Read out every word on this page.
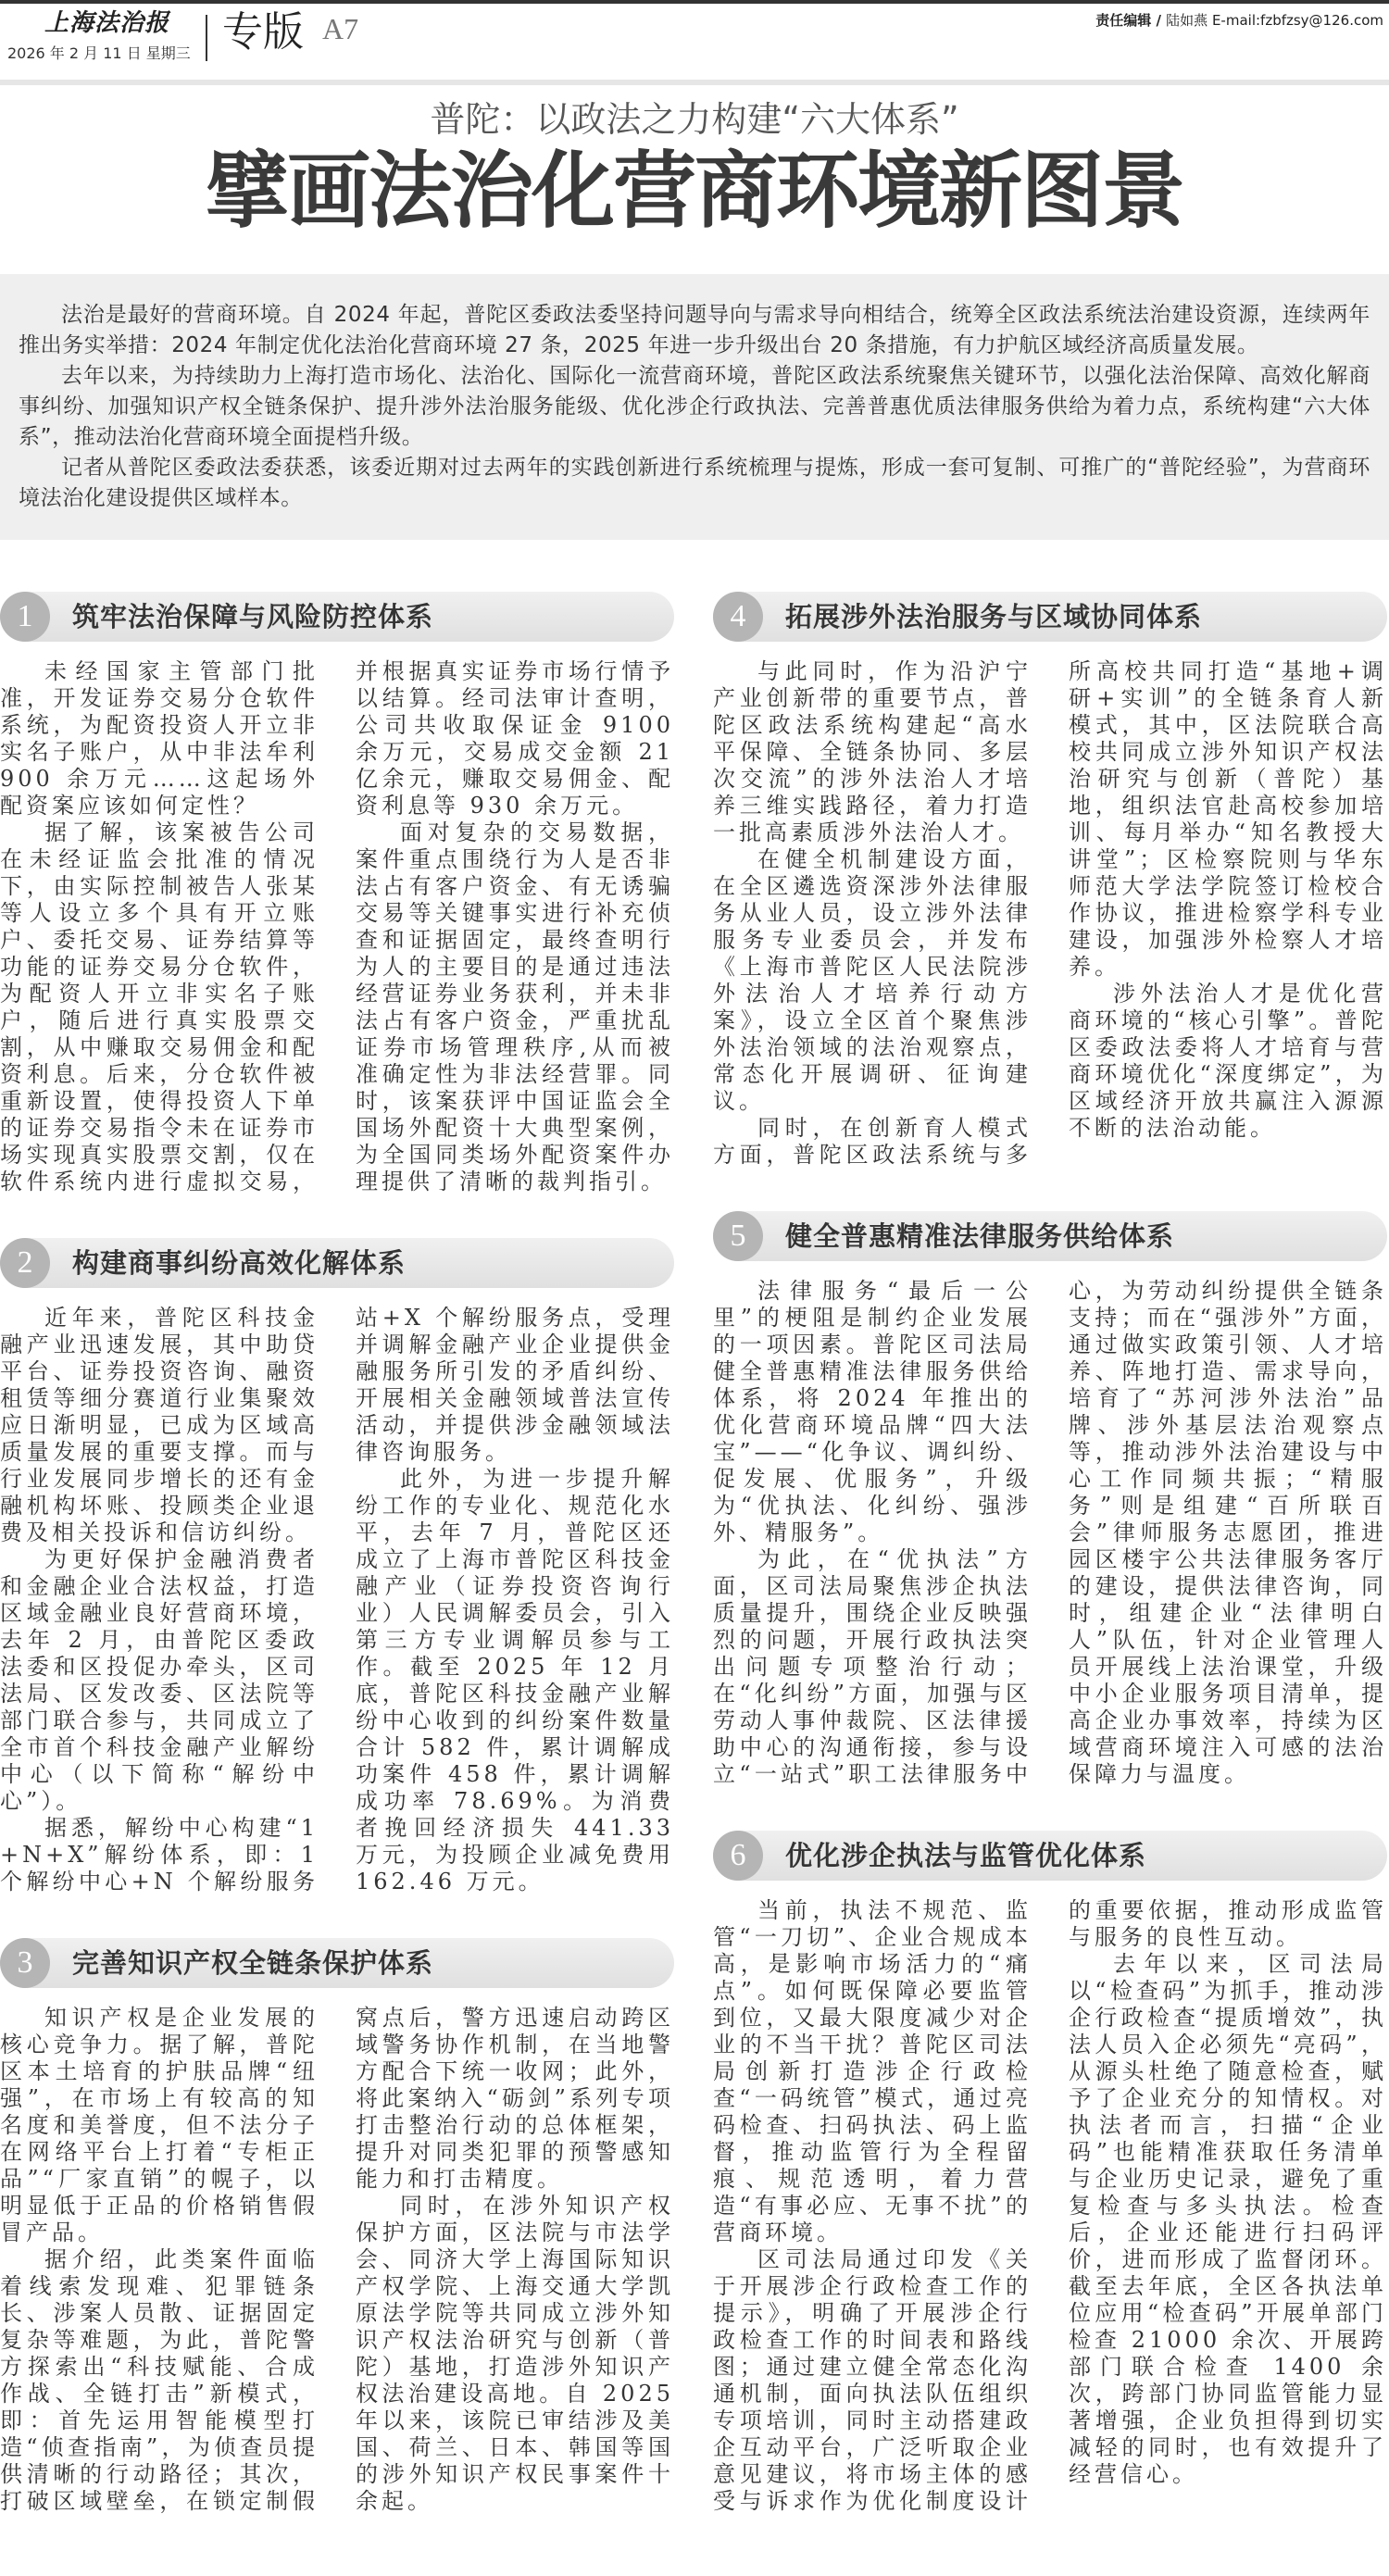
上海法治报
2026 年 2 月 11 日 星期三 专版 A7	责任编辑 / 陆如燕 E-mail:fzbfzsy@126.com
普陀：以政法之力构建“六大体系”
擘画法治化营商环境新图景

法治是最好的营商环境。自 2024 年起，普陀区委政法委坚持问题导向与需求导向相结合，统筹全区政法系统法治建设资源，连续两年推出务实举措：2024 年制定优化法治化营商环境 27 条，2025 年进一步升级出台 20 条措施，有力护航区域经济高质量发展。

去年以来，为持续助力上海打造市场化、法治化、国际化一流营商环境，普陀区政法系统聚焦关键环节，以强化法治保障、高效化解商事纠纷、加强知识产权全链条保护、提升涉外法治服务能级、优化涉企行政执法、完善普惠优质法律服务供给为着力点，系统构建“六大体系”，推动法治化营商环境全面提档升级。

记者从普陀区委政法委获悉，该委近期对过去两年的实践创新进行系统梳理与提炼，形成一套可复制、可推广的“普陀经验”，为营商环境法治化建设提供区域样本。

1	筑牢法治保障与风险防控体系

未经国家主管部门批准，开发证券交易分仓软件系统，为配资投资人开立非实名子账户，从中非法牟利 900 余万元……这起场外配资案应该如何定性？

据了解，该案被告公司在未经证监会批准的情况下，由实际控制被告人张某等人设立多个具有开立账户、委托交易、证券结算等功能的证券交易分仓软件，为配资人开立非实名子账户，随后进行真实股票交割，从中赚取交易佣金和配资利息。后来，分仓软件被重新设置，使得投资人下单的证券交易指令未在证券市场实现真实股票交割，仅在软件系统内进行虚拟交易，并根据真实证券市场行情予以结算。经司法审计查明，公司共收取保证金 9100 余万元，交易成交金额 21 亿余元，赚取交易佣金、配资利息等 930 余万元。

面对复杂的交易数据，案件重点围绕行为人是否非法占有客户资金、有无诱骗交易等关键事实进行补充侦查和证据固定，最终查明行为人的主要目的是通过违法经营证券业务获利，并未非法占有客户资金，严重扰乱证券市场管理秩序,从而被准确定性为非法经营罪。同时，该案获评中国证监会全国场外配资十大典型案例，为全国同类场外配资案件办理提供了清晰的裁判指引。

2	构建商事纠纷高效化解体系

近年来，普陀区科技金融产业迅速发展，其中助贷平台、证券投资咨询、融资租赁等细分赛道行业集聚效应日渐明显，已成为区域高质量发展的重要支撑。而与行业发展同步增长的还有金融机构坏账、投顾类企业退费及相关投诉和信访纠纷。

为更好保护金融消费者和金融企业合法权益，打造区域金融业良好营商环境，去年 2 月，由普陀区委政法委和区投促办牵头，区司法局、区发改委、区法院等部门联合参与，共同成立了全市首个科技金融产业解纷中心（以下简称“解纷中心”）。

据悉，解纷中心构建“1+N+X”解纷体系，即：1 个解纷中心+N 个解纷服务站+X 个解纷服务点，受理并调解金融产业企业提供金融服务所引发的矛盾纠纷、开展相关金融领域普法宣传活动，并提供涉金融领域法律咨询服务。

此外，为进一步提升解纷工作的专业化、规范化水平，去年 7 月，普陀区还成立了上海市普陀区科技金融产业（证券投资咨询行业）人民调解委员会，引入第三方专业调解员参与工作。截至 2025 年 12 月底，普陀区科技金融产业解纷中心收到的纠纷案件数量合计 582 件，累计调解成功案件 458 件，累计调解成功率 78.69%。为消费者挽回经济损失 441.33 万元，为投顾企业减免费用 162.46 万元。

3	完善知识产权全链条保护体系

知识产权是企业发展的核心竞争力。据了解，普陀区本土培育的护肤品牌“纽强”，在市场上有较高的知名度和美誉度，但不法分子在网络平台上打着“专柜正品”“厂家直销”的幌子，以明显低于正品的价格销售假冒产品。

据介绍，此类案件面临着线索发现难、犯罪链条长、涉案人员散、证据固定复杂等难题，为此，普陀警方探索出“科技赋能、合成作战、全链打击”新模式，即：首先运用智能模型打造“侦查指南”，为侦查员提供清晰的行动路径；其次，打破区域壁垒，在锁定制假窝点后，警方迅速启动跨区域警务协作机制，在当地警方配合下统一收网；此外，将此案纳入“砺剑”系列专项打击整治行动的总体框架，提升对同类犯罪的预警感知能力和打击精度。

同时，在涉外知识产权保护方面，区法院与市法学会、同济大学上海国际知识产权学院、上海交通大学凯原法学院等共同成立涉外知识产权法治研究与创新（普陀）基地，打造涉外知识产权法治建设高地。自 2025 年以来，该院已审结涉及美国、荷兰、日本、韩国等国的涉外知识产权民事案件十余起。

4	拓展涉外法治服务与区域协同体系

与此同时，作为沿沪宁产业创新带的重要节点，普陀区政法系统构建起“高水平保障、全链条协同、多层次交流”的涉外法治人才培养三维实践路径，着力打造一批高素质涉外法治人才。

在健全机制建设方面，在全区遴选资深涉外法律服务从业人员，设立涉外法律服务专业委员会，并发布《上海市普陀区人民法院涉外法治人才培养行动方案》，设立全区首个聚焦涉外法治领域的法治观察点，常态化开展调研、征询建议。

同时，在创新育人模式方面，普陀区政法系统与多所高校共同打造“基地+调研+实训”的全链条育人新模式，其中，区法院联合高校共同成立涉外知识产权法治研究与创新（普陀）基地，组织法官赴高校参加培训、每月举办“知名教授大讲堂”；区检察院则与华东师范大学法学院签订检校合作协议，推进检察学科专业建设，加强涉外检察人才培养。

涉外法治人才是优化营商环境的“核心引擎”。普陀区委政法委将人才培育与营商环境优化“深度绑定”，为区域经济开放共赢注入源源不断的法治动能。

5	健全普惠精准法律服务供给体系

法律服务“最后一公里”的梗阻是制约企业发展的一项因素。普陀区司法局健全普惠精准法律服务供给体系，将 2024 年推出的优化营商环境品牌“四大法宝”——“化争议、调纠纷、促发展、优服务”，升级为“优执法、化纠纷、强涉外、精服务”。

为此，在“优执法”方面，区司法局聚焦涉企执法质量提升，围绕企业反映强烈的问题，开展行政执法突出问题专项整治行动；在“化纠纷”方面，加强与区劳动人事仲裁院、区法律援助中心的沟通衔接，参与设立“一站式”职工法律服务中心，为劳动纠纷提供全链条支持；而在“强涉外”方面，通过做实政策引领、人才培养、阵地打造、需求导向，培育了“苏河涉外法治”品牌、涉外基层法治观察点等，推动涉外法治建设与中心工作同频共振；“精服务”则是组建“百所联百会”律师服务志愿团，推进园区楼宇公共法律服务客厅的建设，提供法律咨询，同时，组建企业“法律明白人”队伍，针对企业管理人员开展线上法治课堂，升级中小企业服务项目清单，提高企业办事效率，持续为区域营商环境注入可感的法治保障力与温度。

6	优化涉企执法与监管优化体系

当前，执法不规范、监管“一刀切”、企业合规成本高，是影响市场活力的“痛点”。如何既保障必要监管到位，又最大限度减少对企业的不当干扰？普陀区司法局创新打造涉企行政检查“一码统管”模式，通过亮码检查、扫码执法、码上监督，推动监管行为全程留痕、规范透明，着力营造“有事必应、无事不扰”的营商环境。

区司法局通过印发《关于开展涉企行政检查工作的提示》，明确了开展涉企行政检查工作的时间表和路线图；通过建立健全常态化沟通机制，面向执法队伍组织专项培训，同时主动搭建政企互动平台，广泛听取企业意见建议，将市场主体的感受与诉求作为优化制度设计的重要依据，推动形成监管与服务的良性互动。

去年以来，区司法局以“检查码”为抓手，推动涉企行政检查“提质增效”，执法人员入企必须先“亮码”，从源头杜绝了随意检查，赋予了企业充分的知情权。对执法者而言，扫描“企业码”也能精准获取任务清单与企业历史记录，避免了重复检查与多头执法。检查后，企业还能进行扫码评价，进而形成了监督闭环。截至去年底，全区各执法单位应用“检查码”开展单部门检查 21000 余次、开展跨部门联合检查 1400 余次，跨部门协同监管能力显著增强，企业负担得到切实减轻的同时，也有效提升了经营信心。
